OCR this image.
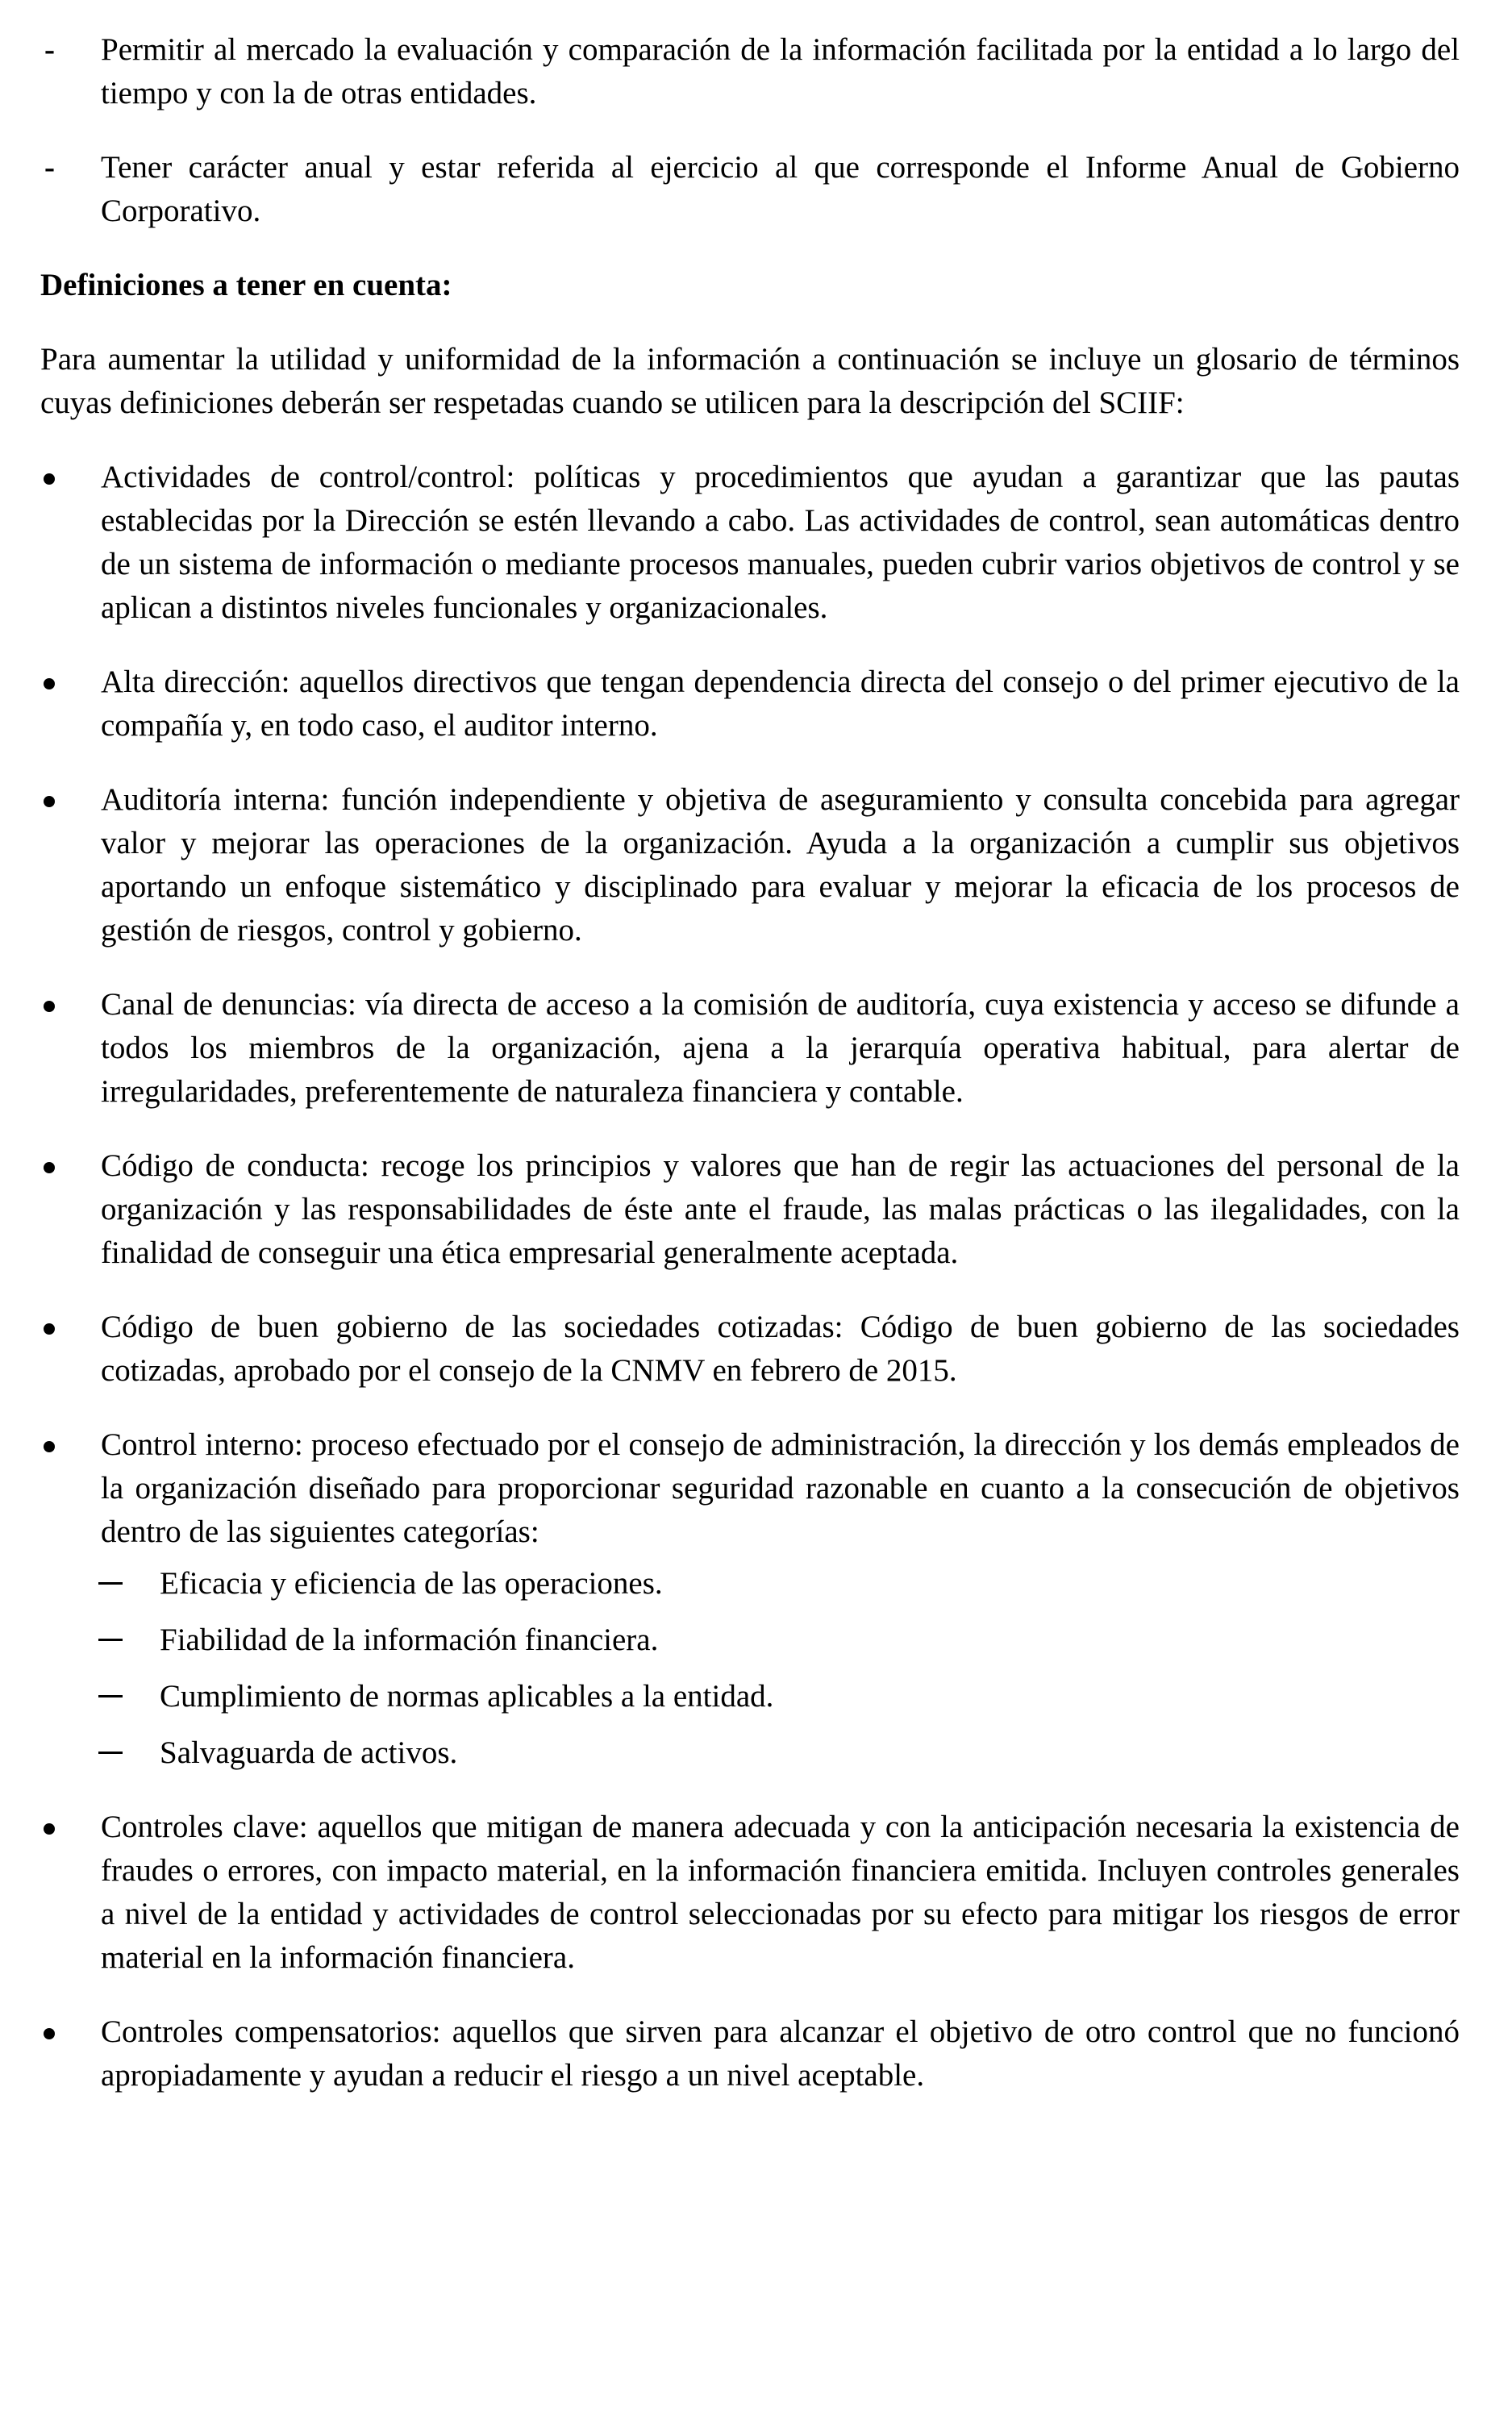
- Permitir al mercado la evaluación y comparación de la información facilitada por la entidad a lo largo del tiempo y con la de otras entidades.
- Tener carácter anual y estar referida al ejercicio al que corresponde el Informe Anual de Gobierno Corporativo.
Definiciones a tener en cuenta:
Para aumentar la utilidad y uniformidad de la información a continuación se incluye un glosario de términos cuyas definiciones deberán ser respetadas cuando se utilicen para la descripción del SCIIF:
Actividades de control/control: políticas y procedimientos que ayudan a garantizar que las pautas establecidas por la Dirección se estén llevando a cabo. Las actividades de control, sean automáticas dentro de un sistema de información o mediante procesos manuales, pueden cubrir varios objetivos de control y se aplican a distintos niveles funcionales y organizacionales.
Alta dirección: aquellos directivos que tengan dependencia directa del consejo o del primer ejecutivo de la compañía y, en todo caso, el auditor interno.
Auditoría interna: función independiente y objetiva de aseguramiento y consulta concebida para agregar valor y mejorar las operaciones de la organización. Ayuda a la organización a cumplir sus objetivos aportando un enfoque sistemático y disciplinado para evaluar y mejorar la eficacia de los procesos de gestión de riesgos, control y gobierno.
Canal de denuncias: vía directa de acceso a la comisión de auditoría, cuya existencia y acceso se difunde a todos los miembros de la organización, ajena a la jerarquía operativa habitual, para alertar de irregularidades, preferentemente de naturaleza financiera y contable.
Código de conducta: recoge los principios y valores que han de regir las actuaciones del personal de la organización y las responsabilidades de éste ante el fraude, las malas prácticas o las ilegalidades, con la finalidad de conseguir una ética empresarial generalmente aceptada.
Código de buen gobierno de las sociedades cotizadas: Código de buen gobierno de las sociedades cotizadas, aprobado por el consejo de la CNMV en febrero de 2015.
Control interno: proceso efectuado por el consejo de administración, la dirección y los demás empleados de la organización diseñado para proporcionar seguridad razonable en cuanto a la consecución de objetivos dentro de las siguientes categorías:
Eficacia y eficiencia de las operaciones.
Fiabilidad de la información financiera.
Cumplimiento de normas aplicables a la entidad.
Salvaguarda de activos.
Controles clave: aquellos que mitigan de manera adecuada y con la anticipación necesaria la existencia de fraudes o errores, con impacto material, en la información financiera emitida. Incluyen controles generales a nivel de la entidad y actividades de control seleccionadas por su efecto para mitigar los riesgos de error material en la información financiera.
Controles compensatorios: aquellos que sirven para alcanzar el objetivo de otro control que no funcionó apropiadamente y ayudan a reducir el riesgo a un nivel aceptable.
